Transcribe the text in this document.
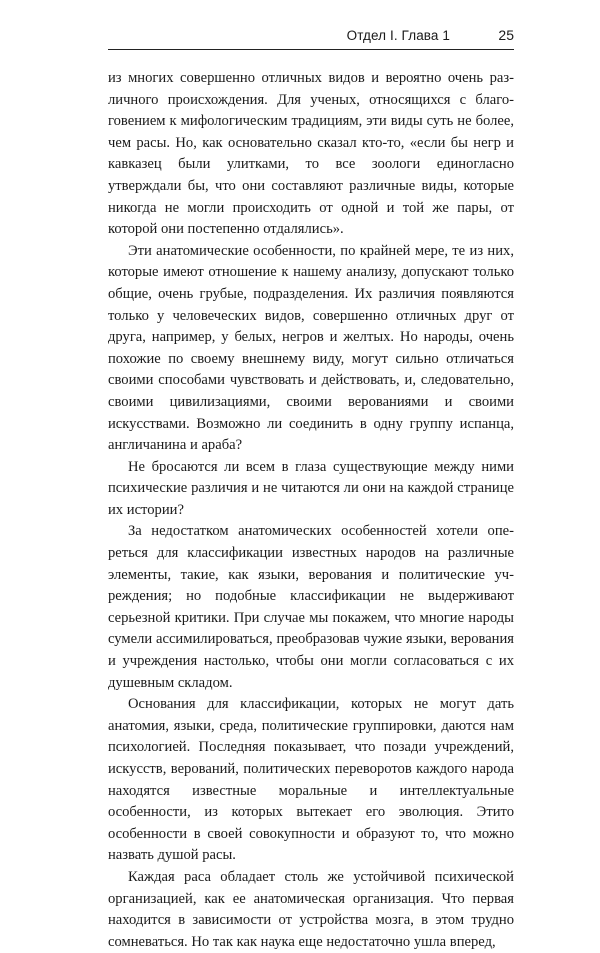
Отдел I. Глава 1	25

из многих совершенно отличных видов и вероятно очень различного происхождения. Для ученых, относящихся с благоговением к мифологическим традициям, эти виды суть не более, чем расы. Но, как основательно сказал кто-то, «если бы негр и кавказец были улитками, то все зоологи единогласно утверждали бы, что они составляют различные виды, которые никогда не могли происходить от одной и той же пары, от которой они постепенно отдалялись».

Эти анатомические особенности, по крайней мере, те из них, которые имеют отношение к нашему анализу, допускают только общие, очень грубые, подразделения. Их различия появляются только у человеческих видов, совершенно отличных друг от друга, например, у белых, негров и желтых. Но народы, очень похожие по своему внешнему виду, могут сильно отличаться своими способами чувствовать и действовать, и, следовательно, своими цивилизациями, своими верованиями и своими искусствами. Возможно ли соединить в одну группу испанца, англичанина и араба?

Не бросаются ли всем в глаза существующие между ними психические различия и не читаются ли они на каждой странице их истории?

За недостатком анатомических особенностей хотели опереться для классификации известных народов на различные элементы, такие, как языки, верования и политические учреждения; но подобные классификации не выдерживают серьезной критики. При случае мы покажем, что многие народы сумели ассимилироваться, преобразовав чужие языки, верования и учреждения настолько, чтобы они могли согласоваться с их душевным складом.

Основания для классификации, которых не могут дать анатомия, языки, среда, политические группировки, даются нам психологией. Последняя показывает, что позади учреждений, искусств, верований, политических переворотов каждого народа находятся известные моральные и интеллектуальные особенности, из которых вытекает его эволюция. Этито особенности в своей совокупности и образуют то, что можно назвать душой расы.

Каждая раса обладает столь же устойчивой психической организацией, как ее анатомическая организация. Что первая находится в зависимости от устройства мозга, в этом трудно сомневаться. Но так как наука еще недостаточно ушла вперед,
